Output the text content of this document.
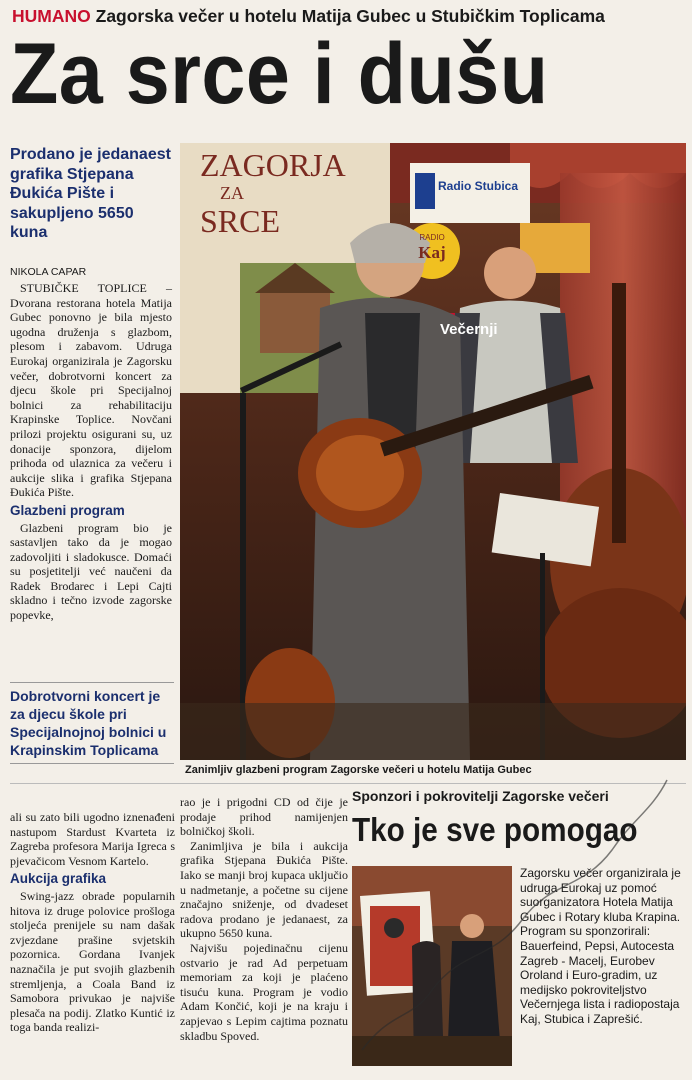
HUMANO Zagorska večer u hotelu Matija Gubec u Stubičkim Toplicama
Za srce i dušu
Prodano je jedanaest grafika Stjepana Đukića Pište i sakupljeno 5650 kuna
NIKOLA CAPAR

STUBIČKE TOPLICE – Dvorana restorana hotela Matija Gubec ponovno je bila mjesto ugodna druženja s glazbom, plesom i zabavom. Udruga Eurokaj organizirala je Zagorsku večer, dobrotvorni koncert za djecu škole pri Specijalnoj bolnici za rehabilitaciju Krapinske Toplice. Novčani prilozi projektu osigurani su, uz donacije sponzora, dijelom prihoda od ulaznica za večeru i aukcije slika i grafika Stjepana Đukića Pište.

Glazbeni program

Glazbeni program bio je sastavljen tako da je mogao zadovoljiti i sladokusce. Domaći su posjetitelji već naučeni da Radek Brodarec i Lepi Cajti skladno i tečno izvode zagorske popevke,

Dobrotvorni koncert je za djecu škole pri Specijalnojnoj bolnici u Krapinskim Toplicama
ZAGORJA
ZA
SRCE
Radio Stubica
RADIO
Kaj
Večernji
Zanimljiv glazbeni program Zagorske večeri u hotelu Matija Gubec

ali su zato bili ugodno iznenađeni nastupom Stardust Kvarteta iz Zagreba profesora Marija Igreca s pjevačicom Vesnom Kartelo.

Aukcija grafika

Swing-jazz obrade popularnih hitova iz druge polovice prošloga stoljeća prenijele su nam dašak zvjezdane prašine svjetskih pozornica. Gordana Ivanjek naznačila je put svojih glazbenih stremljenja, a Coala Band iz Samobora privukao je najviše plesača na podij. Zlatko Kuntić iz toga banda realizi-

rao je i prigodni CD od čije je prodaje prihod namijenjen bolničkoj školi.

Zanimljiva je bila i aukcija grafika Stjepana Đukića Pište. Iako se manji broj kupaca uključio u nadmetanje, a početne su cijene značajno sniženje, od dvadeset radova prodano je jedanaest, za ukupno 5650 kuna.

Najvišu pojedinačnu cijenu ostvario je rad Ad perpetuam memoriam za koji je plaćeno tisuću kuna. Program je vodio Adam Končić, koji je na kraju i zapjevao s Lepim cajtima poznatu skladbu Spoved.

Sponzori i pokrovitelji Zagorske večeri
Tko je sve pomogao

Zagorsku večer organizirala je udruga Eurokaj uz pomoć suorganizatora Hotela Matija Gubec i Rotary kluba Krapina.

Program su sponzorirali: Bauerfeind, Pepsi, Autocesta Zagreb - Macelj, Eurobev Oroland i Euro-gradim, uz medijsko pokroviteljstvo Večernjega lista i radiopostaja Kaj, Stubica i Zaprešić.
